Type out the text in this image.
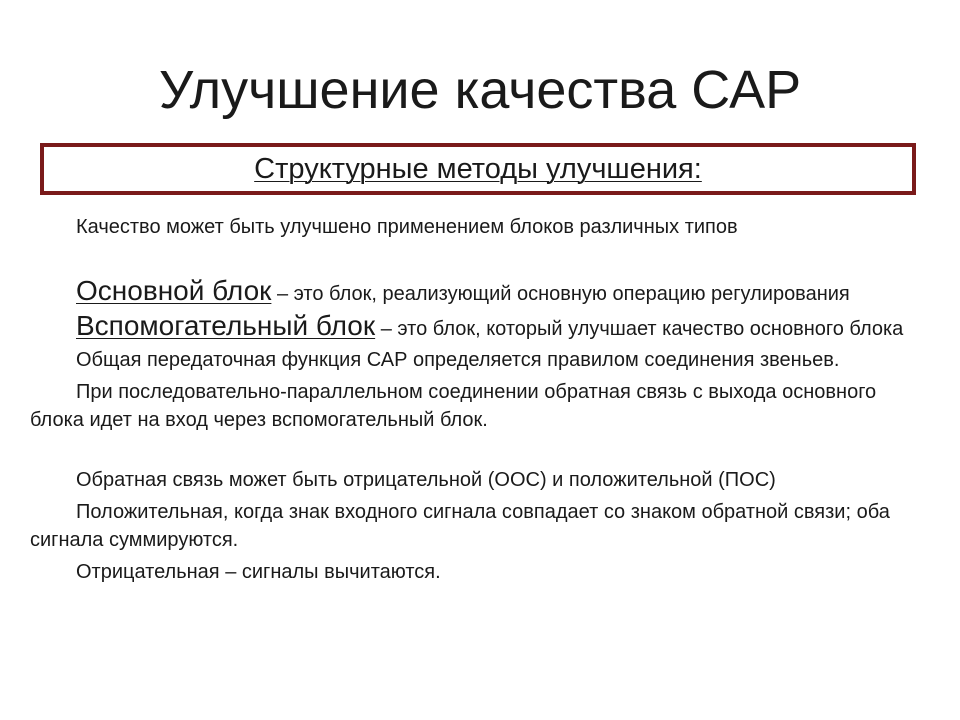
Улучшение качества САР
Структурные методы улучшения:

Качество может быть улучшено применением блоков различных типов

Основной блок – это блок, реализующий основную операцию регулирования

Вспомогательный блок – это блок, который улучшает качество основного блока

Общая передаточная функция САР определяется правилом соединения звеньев.

При последовательно-параллельном соединении обратная связь с выхода основного блока идет на вход через вспомогательный блок.

Обратная связь может быть отрицательной (ООС) и положительной (ПОС)

Положительная, когда знак входного сигнала совпадает со знаком обратной связи; оба сигнала суммируются.

Отрицательная – сигналы вычитаются.
